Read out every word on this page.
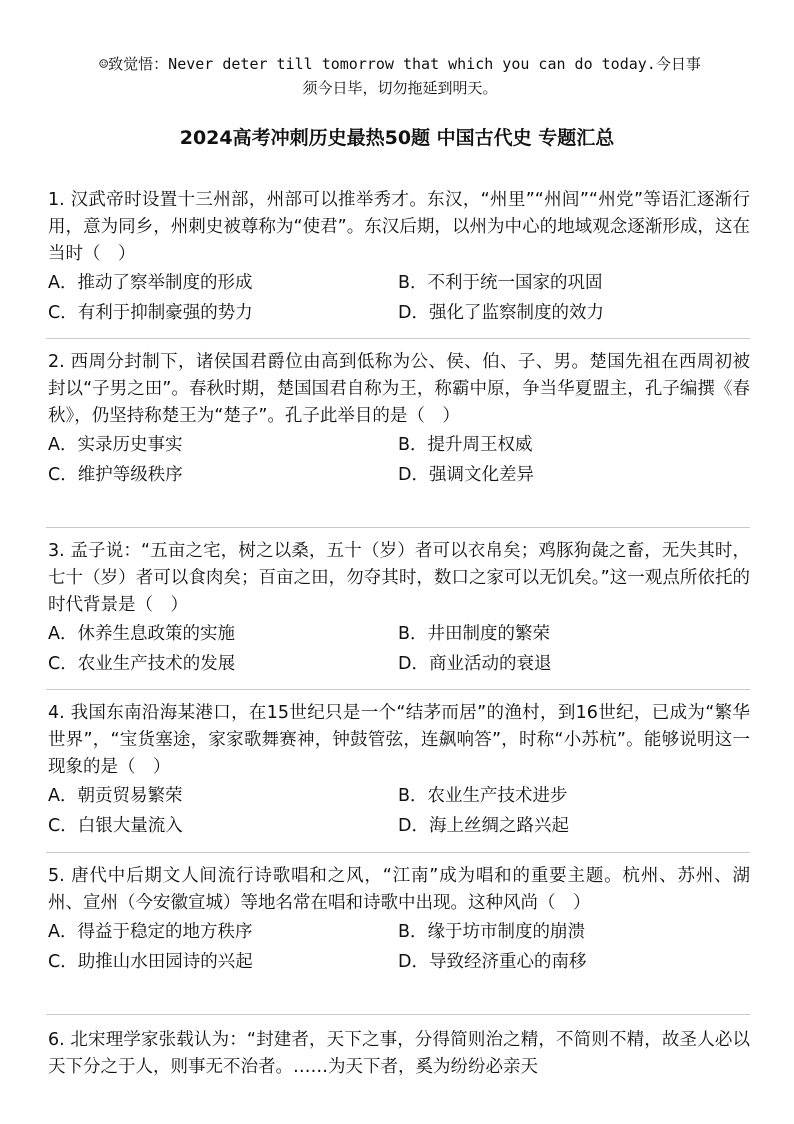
☺致觉悟：Never deter till tomorrow that which you can do today.今日事
须今日毕，切勿拖延到明天。
2024高考冲刺历史最热50题 中国古代史 专题汇总
1. 汉武帝时设置十三州部，州部可以推举秀才。东汉，“州里”“州闾”“州党”等语汇逐渐行用，意为同乡，州刺史被尊称为“使君”。东汉后期，以州为中心的地域观念逐渐形成，这在当时（　）
A．推动了察举制度的形成	B．不利于统一国家的巩固
C．有利于抑制豪强的势力	D．强化了监察制度的效力
2. 西周分封制下，诸侯国君爵位由高到低称为公、侯、伯、子、男。楚国先祖在西周初被封以“子男之田”。春秋时期，楚国国君自称为王，称霸中原，争当华夏盟主，孔子编撰《春秋》，仍坚持称楚王为“楚子”。孔子此举目的是（　）
A．实录历史事实	B．提升周王权威
C．维护等级秩序	D．强调文化差异
3. 孟子说：“五亩之宅，树之以桑，五十（岁）者可以衣帛矣；鸡豚狗彘之畜，无失其时，七十（岁）者可以食肉矣；百亩之田，勿夺其时，数口之家可以无饥矣。”这一观点所依托的时代背景是（　）
A．休养生息政策的实施	B．井田制度的繁荣
C．农业生产技术的发展	D．商业活动的衰退
4. 我国东南沿海某港口，在15世纪只是一个“结茅而居”的渔村，到16世纪，已成为“繁华世界”，“宝货塞途，家家歌舞赛神，钟鼓管弦，连飙响答”，时称“小苏杭”。能够说明这一现象的是（　）
A．朝贡贸易繁荣	B．农业生产技术进步
C．白银大量流入	D．海上丝绸之路兴起
5. 唐代中后期文人间流行诗歌唱和之风，“江南”成为唱和的重要主题。杭州、苏州、湖州、宣州（今安徽宣城）等地名常在唱和诗歌中出现。这种风尚（　）
A．得益于稳定的地方秩序	B．缘于坊市制度的崩溃
C．助推山水田园诗的兴起	D．导致经济重心的南移
6. 北宋理学家张载认为：“封建者，天下之事，分得简则治之精，不简则不精，故圣人必以天下分之于人，则事无不治者。……为天下者，奚为纷纷必亲天
